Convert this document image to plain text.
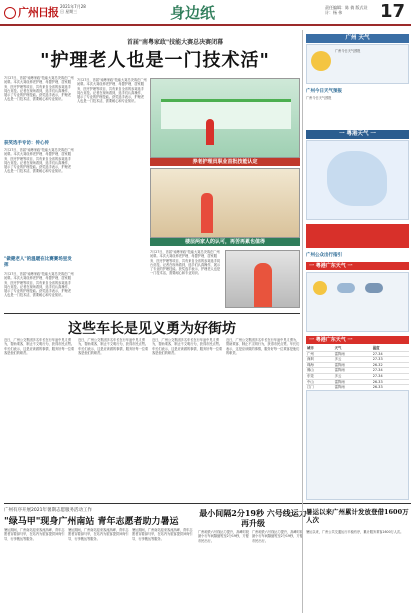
广州日报 2021年7月28日 星期三	身边纸	责任编辑：陈 倩 版式设计：杨 伟	17
首届"南粤家政"技能大赛总决赛闭幕
"护理老人也是一门技术活"
7月27日，首届"南粤家政"技能大赛总决赛在广州闭幕。本次大赛设养老护理、母婴护理、居家服务、医疗护理等项目，共有来自全省的参赛选手同台竞技。记者在现场看到，选手们认真操作，展示了专业的护理技能。获奖选手表示，护理老人也是一门技术活，需要耐心和专业知识。
获奖选手专访：传心传
7月27日，首届"南粤家政"技能大赛总决赛在广州闭幕。本次大赛设养老护理、母婴护理、居家服务、医疗护理等项目，共有来自全省的参赛选手同台竞技。记者在现场看到，选手们认真操作，展示了专业的护理技能。获奖选手表示，护理老人也是一门技术活，需要耐心和专业知识。
"做健老人"的温暖在比赛赛场里发挥
7月27日，首届"南粤家政"技能大赛总决赛在广州闭幕。本次大赛设养老护理、母婴护理、居家服务、医疗护理等项目，共有来自全省的参赛选手同台竞技。记者在现场看到，选手们认真操作，展示了专业的护理技能。获奖选手表示，护理老人也是一门技术活，需要耐心和专业知识。
7月27日，首届"南粤家政"技能大赛总决赛在广州闭幕。本次大赛设养老护理、母婴护理、居家服务、医疗护理等项目，共有来自全省的参赛选手同台竞技。记者在现场看到，选手们认真操作，展示了专业的护理技能。获奖选手表示，护理老人也是一门技术活，需要耐心和专业知识。
养老护理员职业首批技能认定
楼层两家人的认可，再苦再累也值得
7月27日，首届"南粤家政"技能大赛总决赛在广州闭幕。本次大赛设养老护理、母婴护理、居家服务、医疗护理等项目，共有来自全省的参赛选手同台竞技。记者在现场看到，选手们认真操作，展示了专业的护理技能。获奖选手表示，护理老人也是一门技术活，需要耐心和专业知识。
这些车长是见义勇为好街坊
近日，广州公交集团多名车长在行车途中见义勇为，帮助乘客、制止不文明行为，获得市民点赞。车长们表示，这是应该做的事情，服务好每一位乘客是他们的职责。
近日，广州公交集团多名车长在行车途中见义勇为，帮助乘客、制止不文明行为，获得市民点赞。车长们表示，这是应该做的事情，服务好每一位乘客是他们的职责。
近日，广州公交集团多名车长在行车途中见义勇为，帮助乘客、制止不文明行为，获得市民点赞。车长们表示，这是应该做的事情，服务好每一位乘客是他们的职责。
近日，广州公交集团多名车长在行车途中见义勇为，帮助乘客、制止不文明行为，获得市民点赞。车长们表示，这是应该做的事情，服务好每一位乘客是他们的职责。
广州有序开展2021年暑期志愿服务活动工作
"绿马甲"现身广州南站 青年志愿者助力暑运
暑运期间，广州南站迎来客流高峰，青年志愿者穿着绿马甲，在站内为旅客提供问询引导、行李搬运等服务。
暑运期间，广州南站迎来客流高峰，青年志愿者穿着绿马甲，在站内为旅客提供问询引导、行李搬运等服务。
暑运期间，广州南站迎来客流高峰，青年志愿者穿着绿马甲，在站内为旅客提供问询引导、行李搬运等服务。
最小间隔2分19秒 六号线运力再升级
广州地铁六号线运力提升，高峰时段最小行车间隔缩短至2分19秒，方便市民出行。
广州地铁六号线运力提升，高峰时段最小行车间隔缩短至2分19秒，方便市民出行。
广州 天气
广州今日天气预报
广州今日天气预报
广州今日天气预报
一 粤港天气 一
广州公众出行指引
一 粤港广东天气 一
一 粤港广东天气 一
城市	天气	温度
广州	雷阵雨	27-34
深圳	多云	27-33
珠海	雷阵雨	26-32
佛山	雷阵雨	27-34
东莞	多云	27-34
中山	雷阵雨	26-33
江门	雷阵雨	26-33

暑运以来广州累计发放登借1600万人次
暑运以来，广州公共交通运行平稳有序，累计服务乘客1600万人次。
